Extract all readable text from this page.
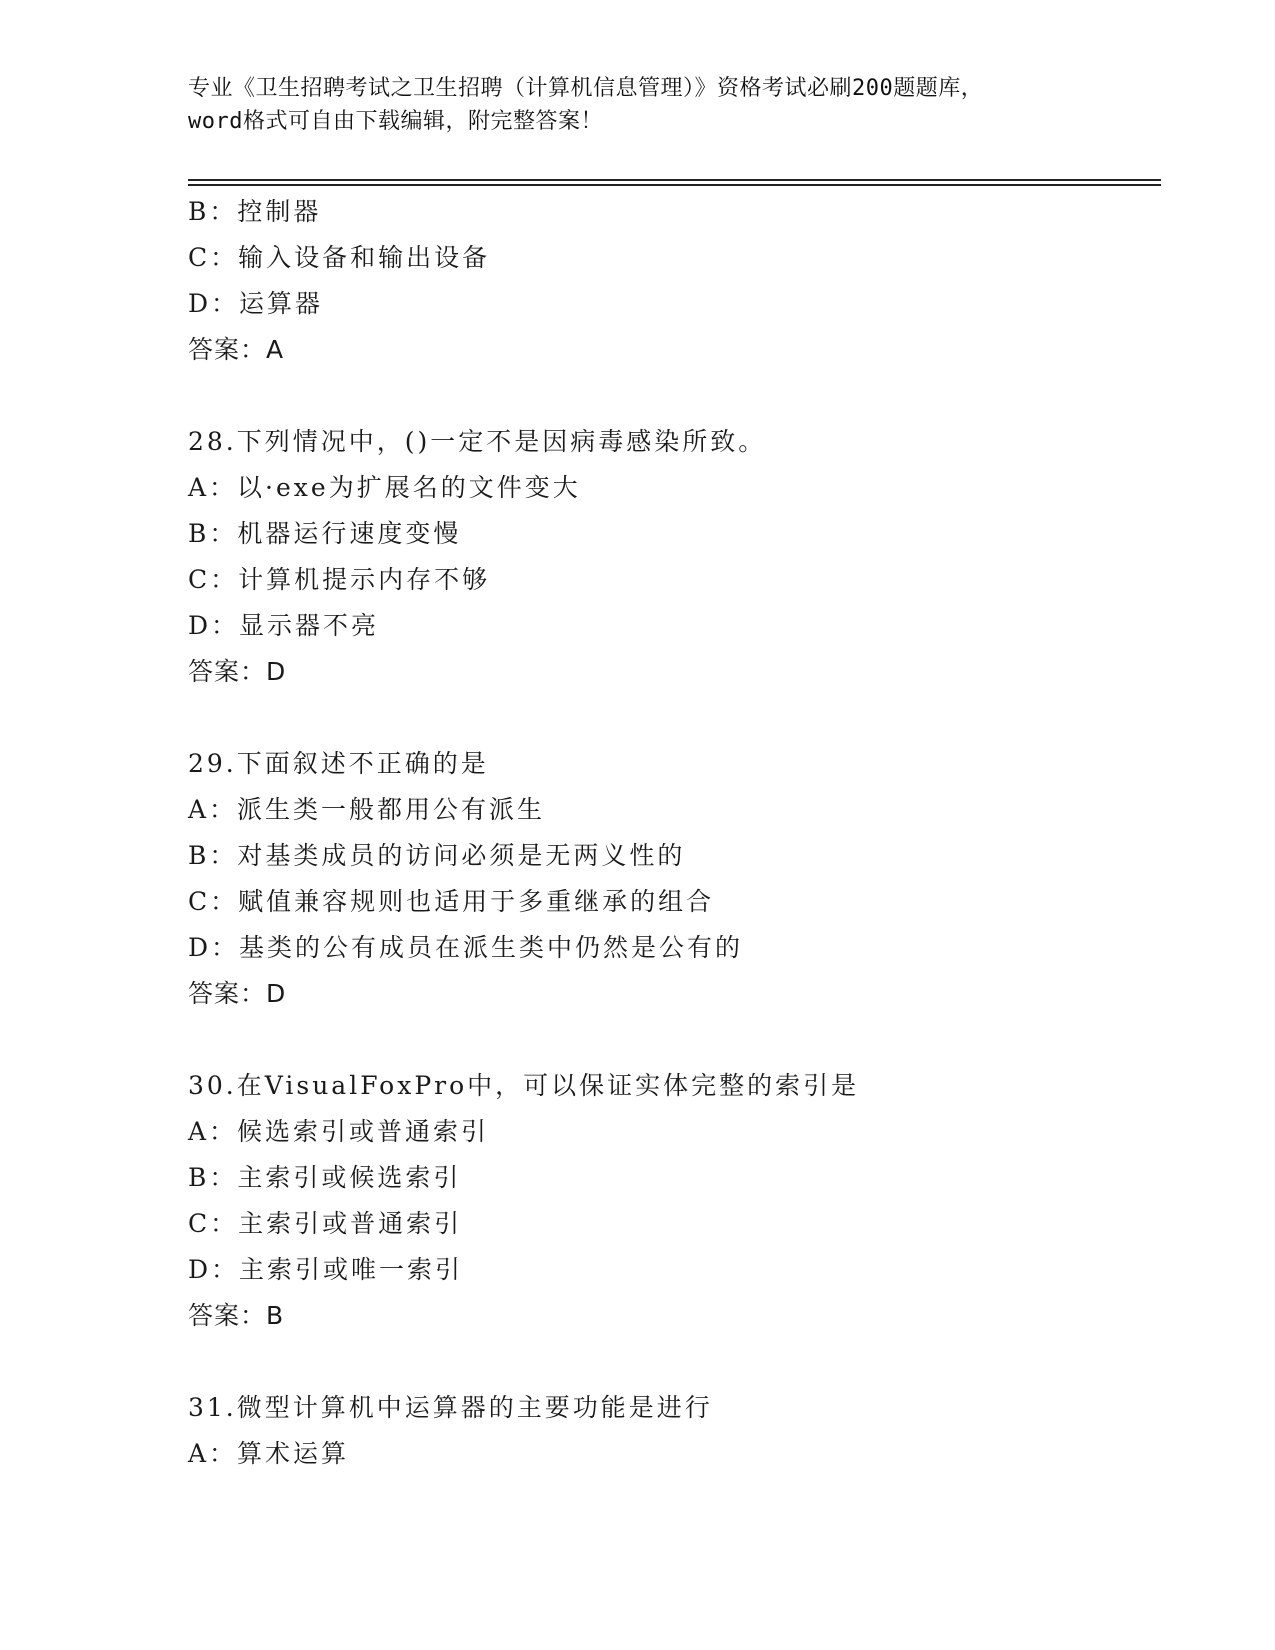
专业《卫生招聘考试之卫生招聘（计算机信息管理）》资格考试必刷200题题库，
word格式可自由下载编辑，附完整答案！
B：控制器
C：输入设备和输出设备
D：运算器
答案：A
28.下列情况中，()一定不是因病毒感染所致。
A：以·exe为扩展名的文件变大
B：机器运行速度变慢
C：计算机提示内存不够
D：显示器不亮
答案：D
29.下面叙述不正确的是
A：派生类一般都用公有派生
B：对基类成员的访问必须是无两义性的
C：赋值兼容规则也适用于多重继承的组合
D：基类的公有成员在派生类中仍然是公有的
答案：D
30.在VisualFoxPro中，可以保证实体完整的索引是
A：候选索引或普通索引
B：主索引或候选索引
C：主索引或普通索引
D：主索引或唯一索引
答案：B
31.微型计算机中运算器的主要功能是进行
A：算术运算
